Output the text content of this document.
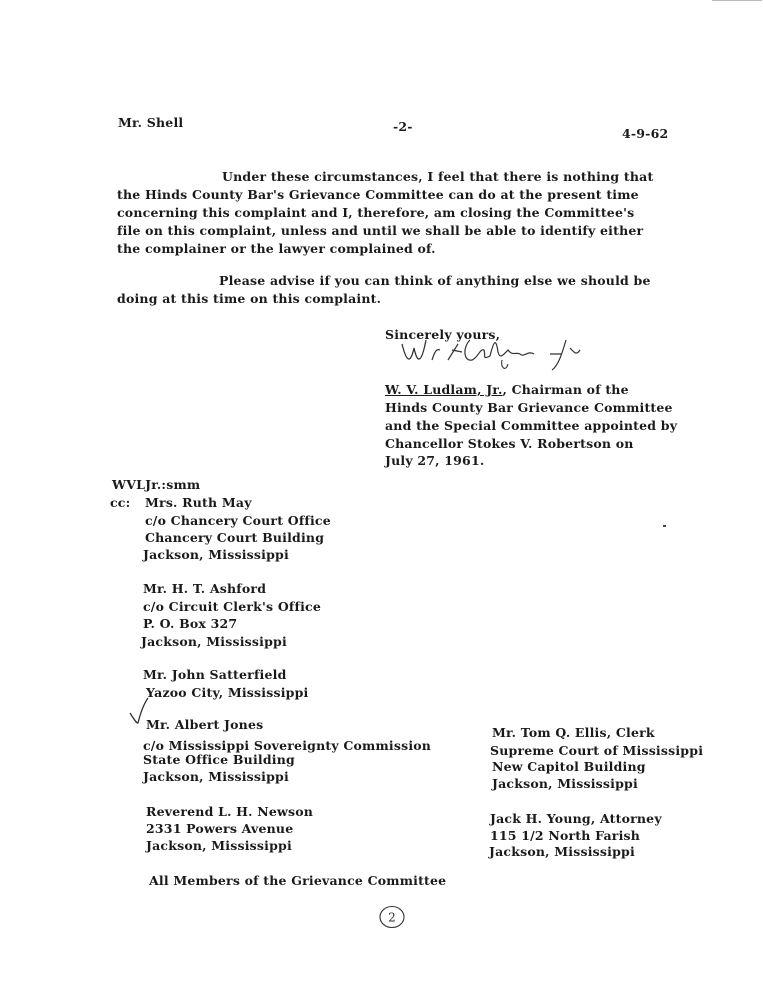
Mr. Shell	-2-	4-9-62
Under these circumstances, I feel that there is nothing that
the Hinds County Bar's Grievance Committee can do at the present time
concerning this complaint and I, therefore, am closing the Committee's
file on this complaint, unless and until we shall be able to identify either
the complainer or the lawyer complained of.
Please advise if you can think of anything else we should be
doing at this time on this complaint.
Sincerely yours,
W. V. Ludlam, Jr., Chairman of the
Hinds County Bar Grievance Committee
and the Special Committee appointed by
Chancellor Stokes V. Robertson on
July 27, 1961.
WVLJr.:smm
cc: Mrs. Ruth May
c/o Chancery Court Office
Chancery Court Building
Jackson, Mississippi
Mr. H. T. Ashford
c/o Circuit Clerk's Office
P. O. Box 327
Jackson, Mississippi
Mr. John Satterfield
Yazoo City, Mississippi
Mr. Albert Jones
c/o Mississippi Sovereignty Commission
State Office Building
Jackson, Mississippi
Reverend L. H. Newson
2331 Powers Avenue
Jackson, Mississippi
Mr. Tom Q. Ellis, Clerk
Supreme Court of Mississippi
New Capitol Building
Jackson, Mississippi
Jack H. Young, Attorney
115 1/2 North Farish
Jackson, Mississippi
All Members of the Grievance Committee
2
